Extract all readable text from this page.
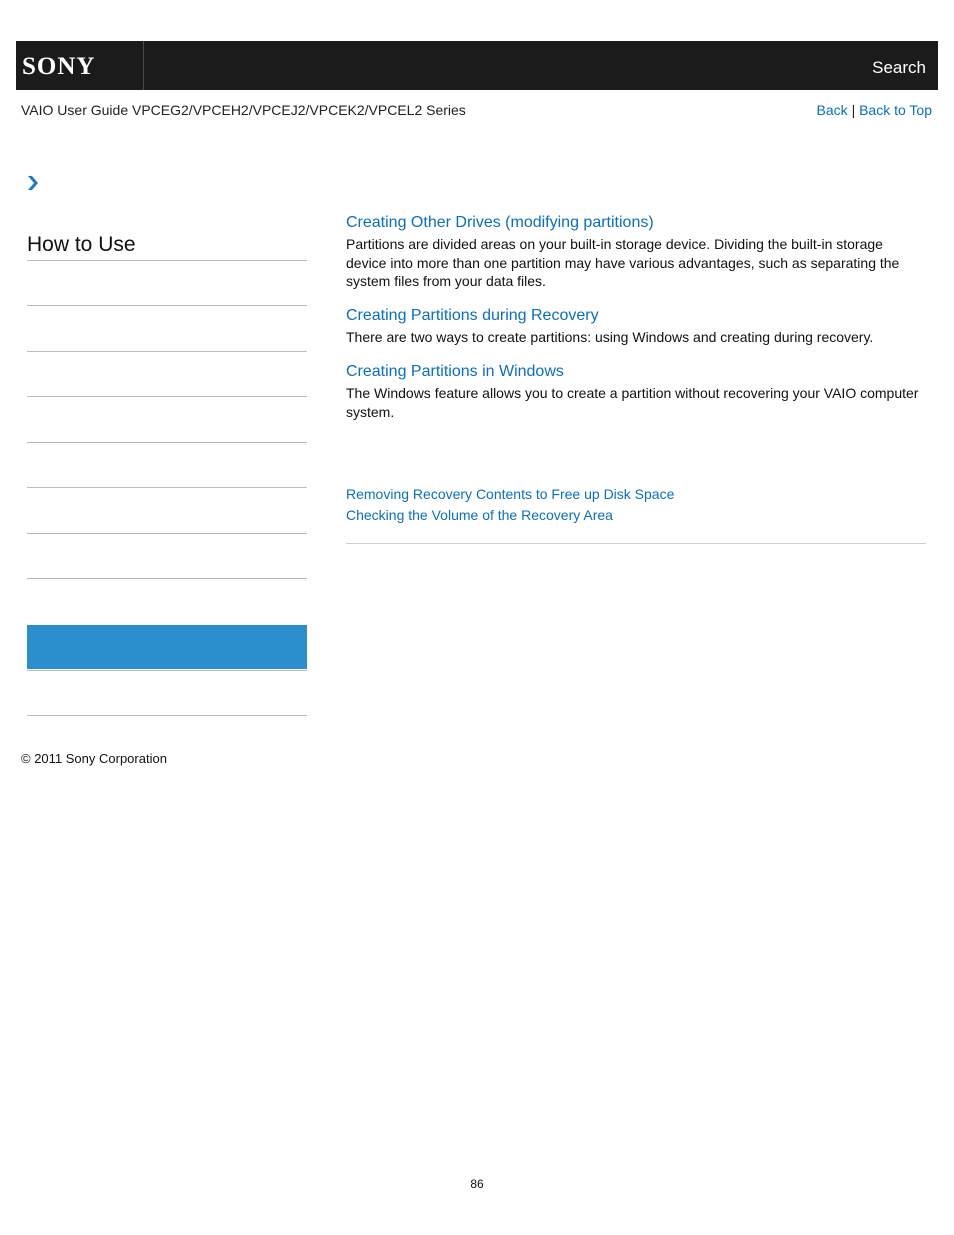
SONY	Search
VAIO User Guide VPCEG2/VPCEH2/VPCEJ2/VPCEK2/VPCEL2 Series	Back | Back to Top
How to Use
Creating Other Drives (modifying partitions)
Partitions are divided areas on your built-in storage device. Dividing the built-in storage device into more than one partition may have various advantages, such as separating the system files from your data files.
Creating Partitions during Recovery
There are two ways to create partitions: using Windows and creating during recovery.
Creating Partitions in Windows
The Windows feature allows you to create a partition without recovering your VAIO computer system.
Removing Recovery Contents to Free up Disk Space
Checking the Volume of the Recovery Area
© 2011 Sony Corporation
86
